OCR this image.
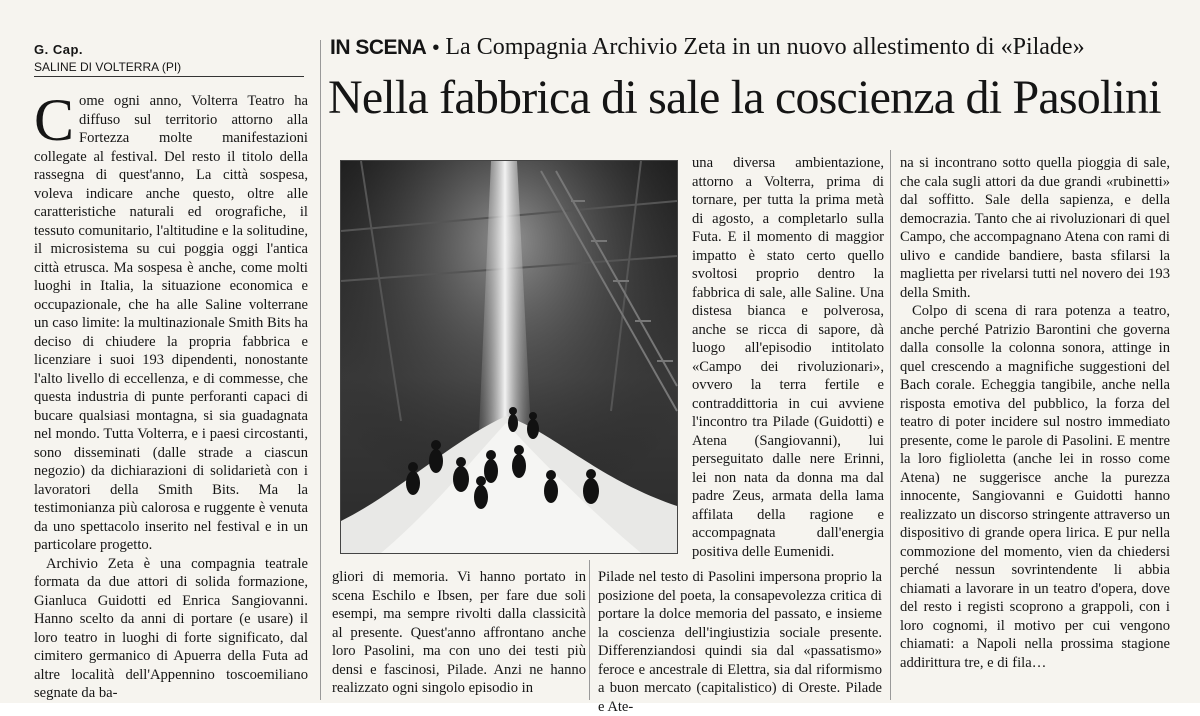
G. Cap.
SALINE DI VOLTERRA (PI)
IN SCENA • La Compagnia Archivio Zeta in un nuovo allestimento di «Pilade»
Nella fabbrica di sale la coscienza di Pasolini

Come ogni anno, Volterra Teatro ha diffuso sul territorio attorno alla Fortezza molte manifestazioni collegate al festival. Del resto il titolo della rassegna di quest'anno, La città sospesa, voleva indicare anche questo, oltre alle caratteristiche naturali ed orografiche, il tessuto comunitario, l'altitudine e la solitudine, il microsistema su cui poggia oggi l'antica città etrusca. Ma sospesa è anche, come molti luoghi in Italia, la situazione economica e occupazionale, che ha alle Saline volterrane un caso limite: la multinazionale Smith Bits ha deciso di chiudere la propria fabbrica e licenziare i suoi 193 dipendenti, nonostante l'alto livello di eccellenza, e di commesse, che questa industria di punte perforanti capaci di bucare qualsiasi montagna, si sia guadagnata nel mondo. Tutta Volterra, e i paesi circostanti, sono disseminati (dalle strade a ciascun negozio) da dichiarazioni di solidarietà con i lavoratori della Smith Bits. Ma la testimonianza più calorosa e ruggente è venuta da uno spettacolo inserito nel festival e in un particolare progetto.

Archivio Zeta è una compagnia teatrale formata da due attori di solida formazione, Gianluca Guidotti ed Enrica Sangiovanni. Hanno scelto da anni di portare (e usare) il loro teatro in luoghi di forte significato, dal cimitero germanico di Apuerra della Futa ad altre località dell'Appennino toscoemiliano segnate da ba-

gliori di memoria. Vi hanno portato in scena Eschilo e Ibsen, per fare due soli esempi, ma sempre rivolti dalla classicità al presente. Quest'anno affrontano anche loro Pasolini, ma con uno dei testi più densi e fascinosi, Pilade. Anzi ne hanno realizzato ogni singolo episodio in

una diversa ambientazione, attorno a Volterra, prima di tornare, per tutta la prima metà di agosto, a completarlo sulla Futa. E il momento di maggior impatto è stato certo quello svoltosi proprio dentro la fabbrica di sale, alle Saline. Una distesa bianca e polverosa, anche se ricca di sapore, dà luogo all'episodio intitolato «Campo dei rivoluzionari», ovvero la terra fertile e contraddittoria in cui avviene l'incontro tra Pilade (Guidotti) e Atena (Sangiovanni), lui perseguitato dalle nere Erinni, lei non nata da donna ma dal padre Zeus, armata della lama affilata della ragione e accompagnata dall'energia positiva delle Eumenidi.

Pilade nel testo di Pasolini impersona proprio la posizione del poeta, la consapevolezza critica di portare la dolce memoria del passato, e insieme la coscienza dell'ingiustizia sociale presente. Differenziandosi quindi sia dal «passatismo» feroce e ancestrale di Elettra, sia dal riformismo a buon mercato (capitalistico) di Oreste. Pilade e Ate-

na si incontrano sotto quella pioggia di sale, che cala sugli attori da due grandi «rubinetti» dal soffitto. Sale della sapienza, e della democrazia. Tanto che ai rivoluzionari di quel Campo, che accompagnano Atena con rami di ulivo e candide bandiere, basta sfilarsi la maglietta per rivelarsi tutti nel novero dei 193 della Smith.

Colpo di scena di rara potenza a teatro, anche perché Patrizio Barontini che governa dalla consolle la colonna sonora, attinge in quel crescendo a magnifiche suggestioni del Bach corale. Echeggia tangibile, anche nella risposta emotiva del pubblico, la forza del teatro di poter incidere sul nostro immediato presente, come le parole di Pasolini. E mentre la loro figlioletta (anche lei in rosso come Atena) ne suggerisce anche la purezza innocente, Sangiovanni e Guidotti hanno realizzato un discorso stringente attraverso un dispositivo di grande opera lirica. E pur nella commozione del momento, vien da chiedersi perché nessun sovrintendente li abbia chiamati a lavorare in un teatro d'opera, dove del resto i registi scoprono a grappoli, con i loro cognomi, il motivo per cui vengono chiamati: a Napoli nella prossima stagione addirittura tre, e di fila…
